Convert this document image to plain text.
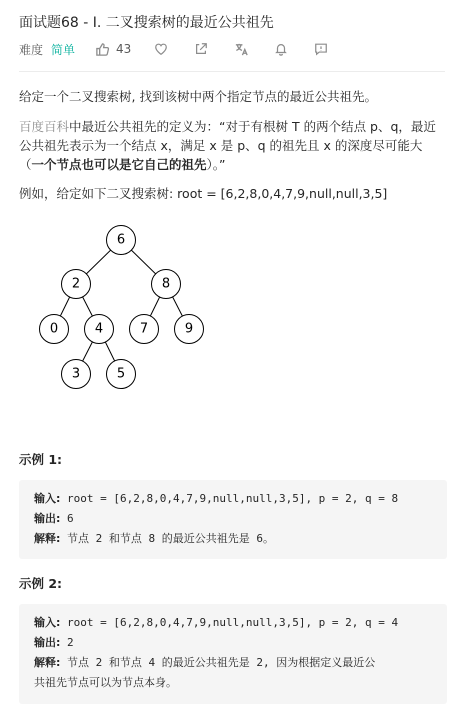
面试题68 - I. 二叉搜索树的最近公共祖先
难度 简单	43
给定一个二叉搜索树, 找到该树中两个指定节点的最近公共祖先。
百度百科中最近公共祖先的定义为：“对于有根树 T 的两个结点 p、q，最近公共祖先表示为一个结点 x，满足 x 是 p、q 的祖先且 x 的深度尽可能大（一个节点也可以是它自己的祖先）。”
例如，给定如下二叉搜索树: root = [6,2,8,0,4,7,9,null,null,3,5]
6
2	8
0	4	7	9
3	5
示例 1:
输入: root = [6,2,8,0,4,7,9,null,null,3,5], p = 2, q = 8
输出: 6
解释: 节点 2 和节点 8 的最近公共祖先是 6。
示例 2:
输入: root = [6,2,8,0,4,7,9,null,null,3,5], p = 2, q = 4
输出: 2
解释: 节点 2 和节点 4 的最近公共祖先是 2, 因为根据定义最近公
共祖先节点可以为节点本身。
